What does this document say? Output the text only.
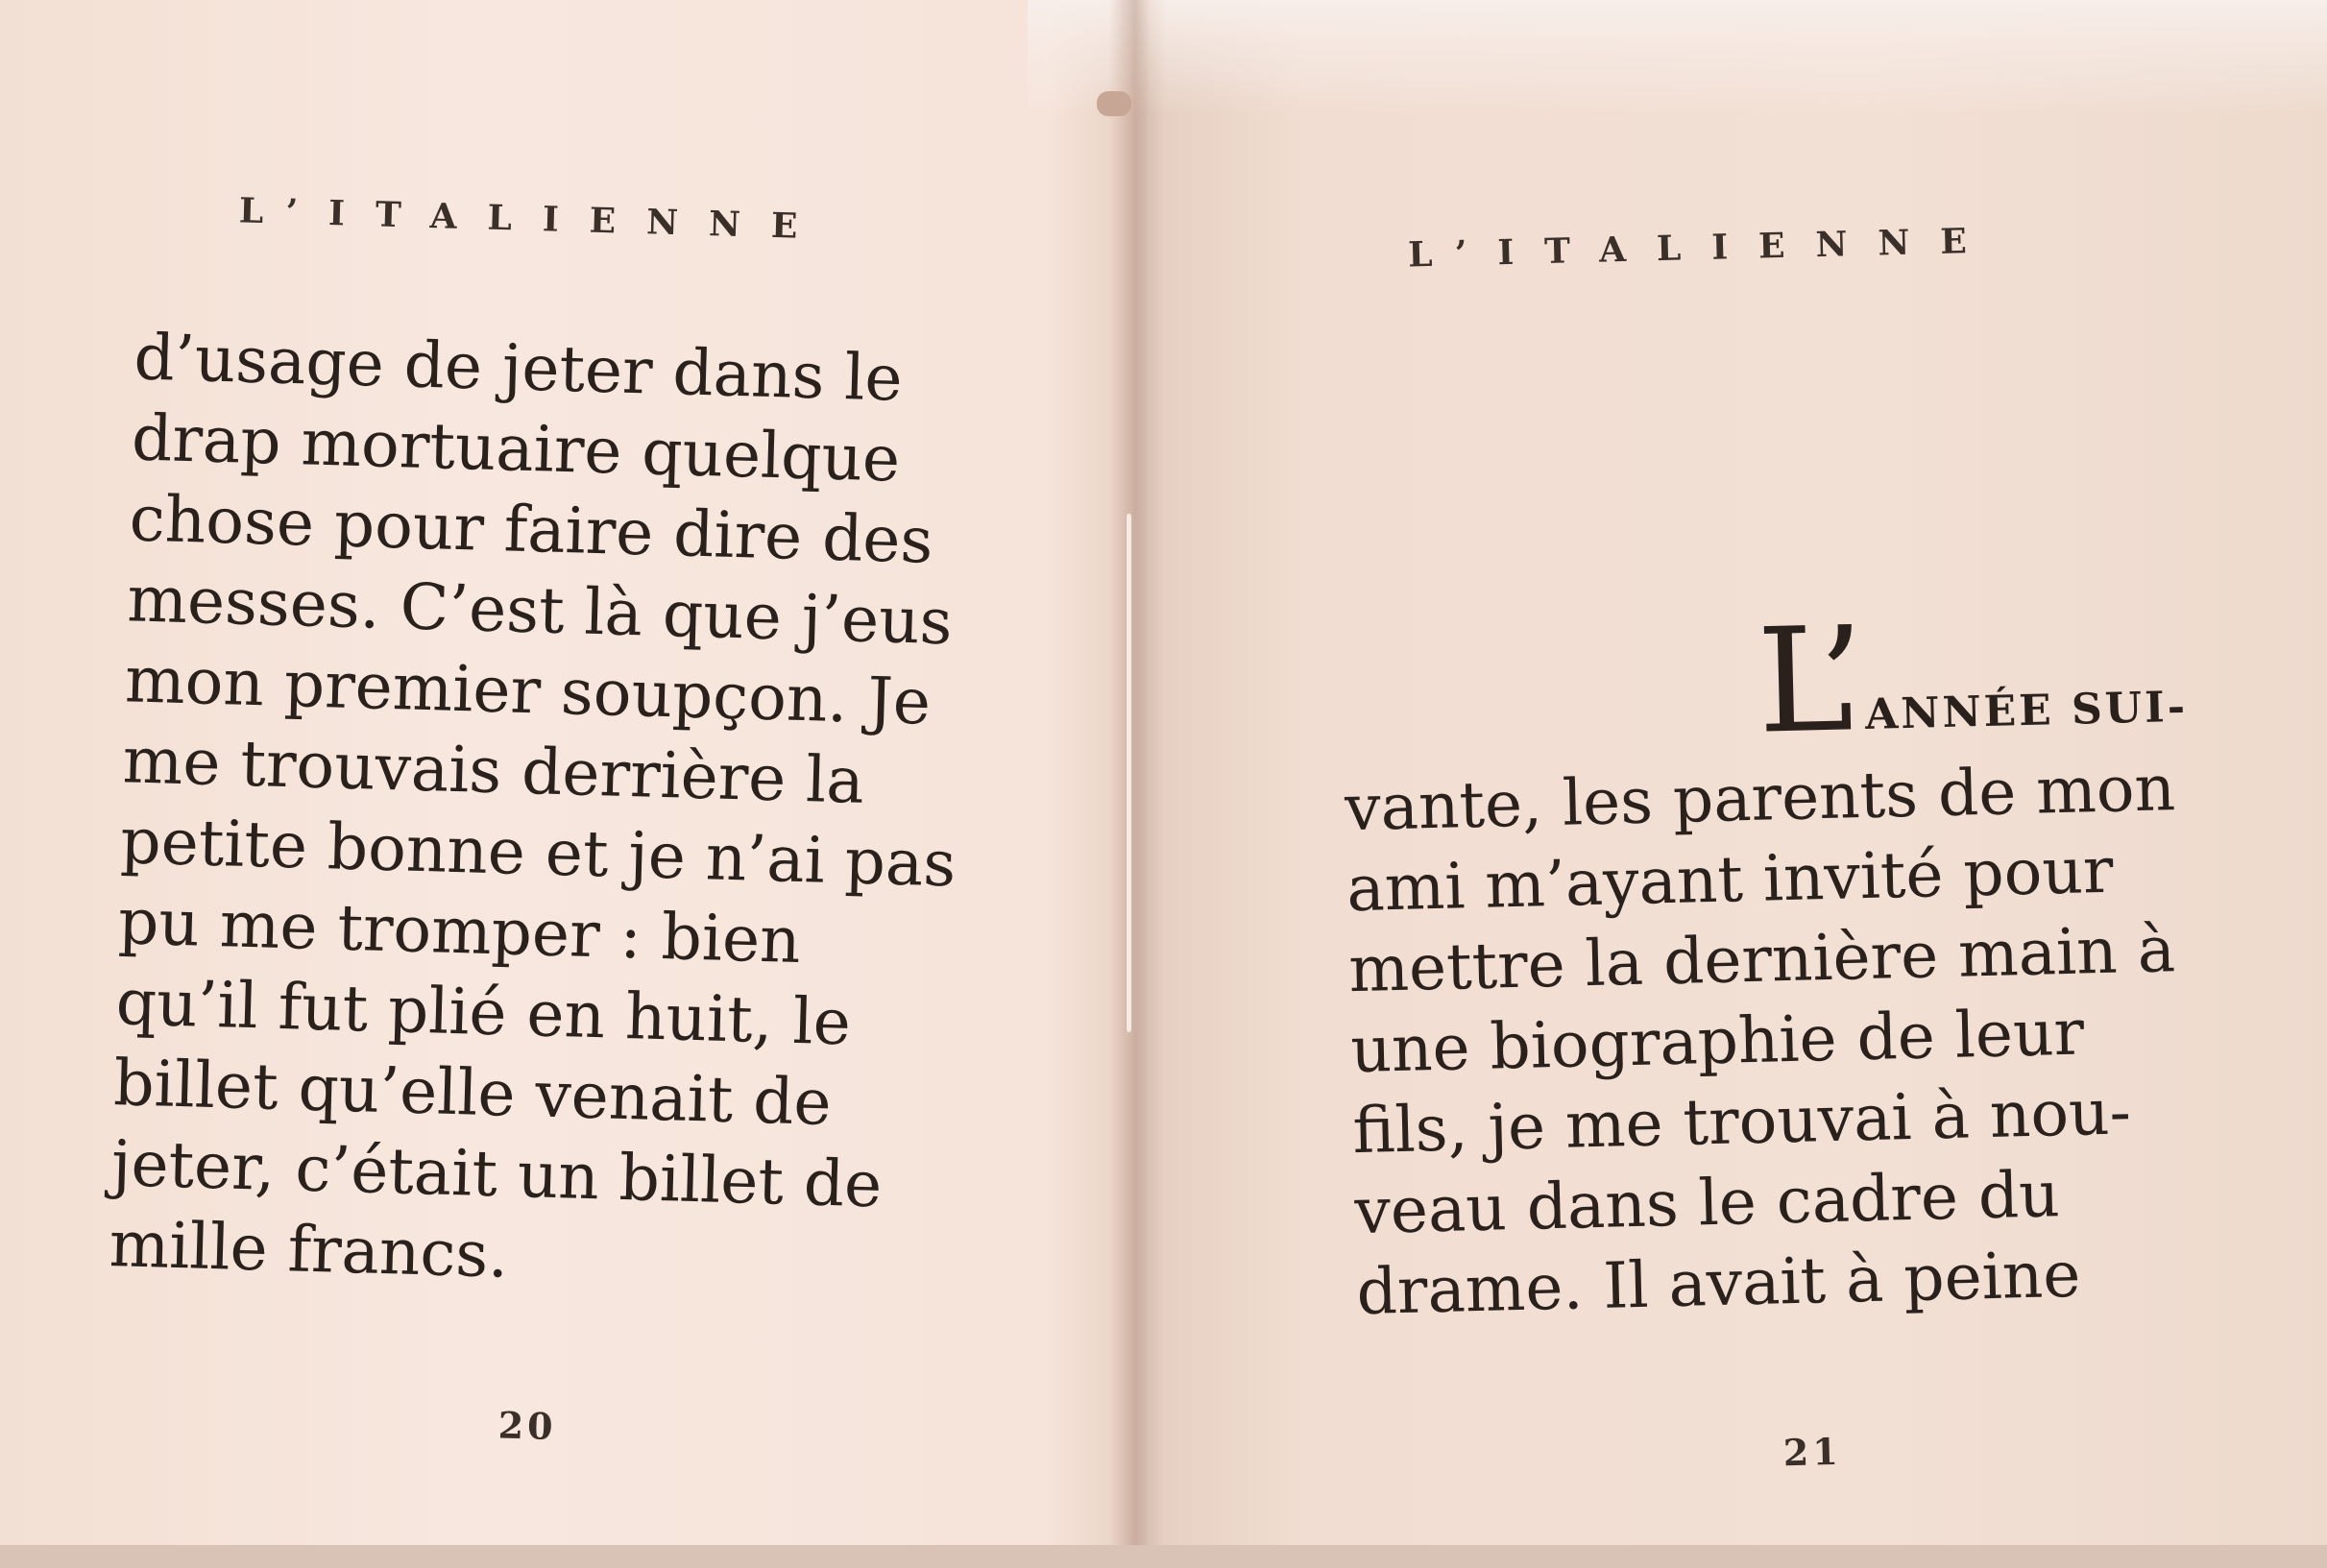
L’ITALIENNE
d’usage de jeter dans le
drap mortuaire quelque
chose pour faire dire des
messes. C’est là que j’eus
mon premier soupçon. Je
me trouvais derrière la
petite bonne et je n’ai pas
pu me tromper : bien
qu’il fut plié en huit, le
billet qu’elle venait de
jeter, c’était un billet de
mille francs.
20
L’ITALIENNE
L’ANNÉE SUI-
vante, les parents de mon
ami m’ayant invité pour
mettre la dernière main à
une biographie de leur
fils, je me trouvai à nou-
veau dans le cadre du
drame. Il avait à peine
21
